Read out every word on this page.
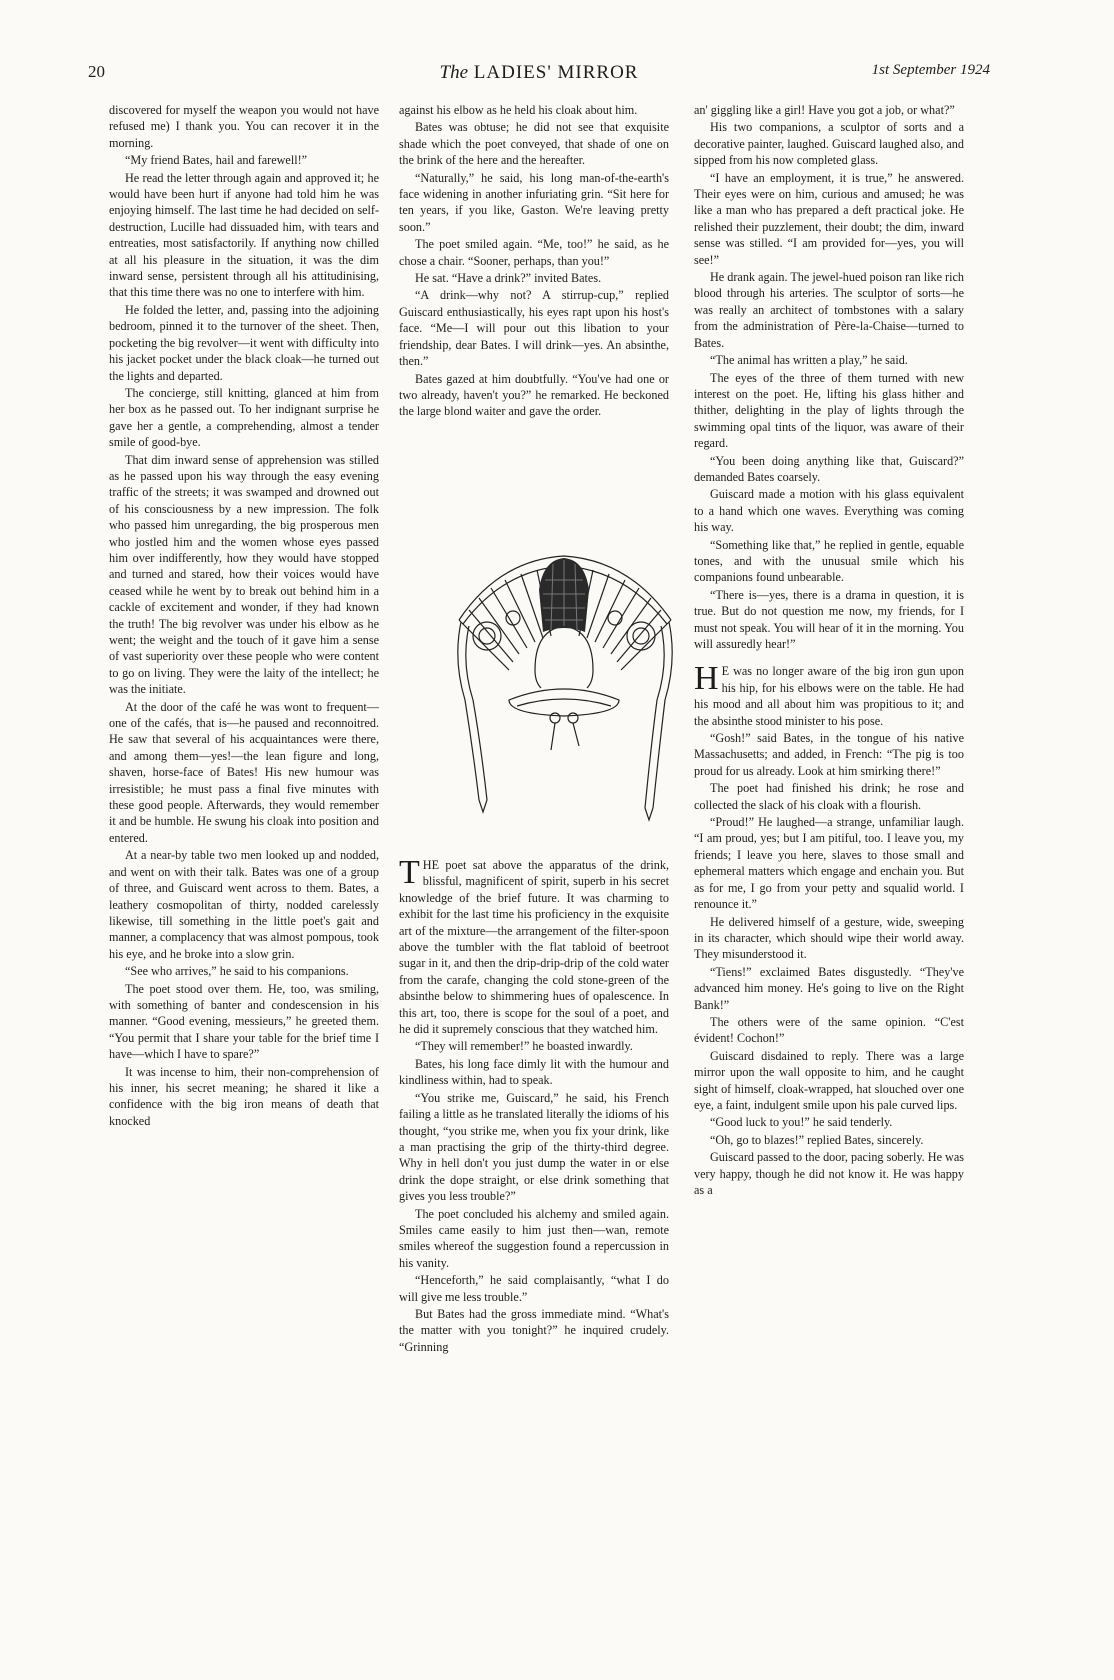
20	The LADIES' MIRROR	1st September 1924

discovered for myself the weapon you would not have refused me) I thank you. You can recover it in the morning.

“My friend Bates, hail and farewell!”

He read the letter through again and approved it; he would have been hurt if anyone had told him he was enjoying himself. The last time he had decided on self-destruction, Lucille had dissuaded him, with tears and entreaties, most satisfactorily. If anything now chilled at all his pleasure in the situation, it was the dim inward sense, persistent through all his attitudinising, that this time there was no one to interfere with him.

He folded the letter, and, passing into the adjoining bedroom, pinned it to the turnover of the sheet. Then, pocketing the big revolver—it went with difficulty into his jacket pocket under the black cloak—he turned out the lights and departed.

The concierge, still knitting, glanced at him from her box as he passed out. To her indignant surprise he gave her a gentle, a comprehending, almost a tender smile of good-bye.

That dim inward sense of apprehension was stilled as he passed upon his way through the easy evening traffic of the streets; it was swamped and drowned out of his consciousness by a new impression. The folk who passed him unregarding, the big prosperous men who jostled him and the women whose eyes passed him over indifferently, how they would have stopped and turned and stared, how their voices would have ceased while he went by to break out behind him in a cackle of excitement and wonder, if they had known the truth! The big revolver was under his elbow as he went; the weight and the touch of it gave him a sense of vast superiority over these people who were content to go on living. They were the laity of the intellect; he was the initiate.

At the door of the café he was wont to frequent—one of the cafés, that is—he paused and reconnoitred. He saw that several of his acquaintances were there, and among them—yes!—the lean figure and long, shaven, horse-face of Bates! His new humour was irresistible; he must pass a final five minutes with these good people. Afterwards, they would remember it and be humble. He swung his cloak into position and entered.

At a near-by table two men looked up and nodded, and went on with their talk. Bates was one of a group of three, and Guiscard went across to them. Bates, a leathery cosmopolitan of thirty, nodded carelessly likewise, till something in the little poet's gait and manner, a complacency that was almost pompous, took his eye, and he broke into a slow grin.

“See who arrives,” he said to his companions.

The poet stood over them. He, too, was smiling, with something of banter and condescension in his manner. “Good evening, messieurs,” he greeted them. “You permit that I share your table for the brief time I have—which I have to spare?”

It was incense to him, their non-comprehension of his inner, his secret meaning; he shared it like a confidence with the big iron means of death that knocked

against his elbow as he held his cloak about him.

Bates was obtuse; he did not see that exquisite shade which the poet conveyed, that shade of one on the brink of the here and the hereafter.

“Naturally,” he said, his long man-of-the-earth's face widening in another infuriating grin. “Sit here for ten years, if you like, Gaston. We're leaving pretty soon.”

The poet smiled again. “Me, too!” he said, as he chose a chair. “Sooner, perhaps, than you!”

He sat. “Have a drink?” invited Bates.

“A drink—why not? A stirrup-cup,” replied Guiscard enthusiastically, his eyes rapt upon his host's face. “Me—I will pour out this libation to your friendship, dear Bates. I will drink—yes. An absinthe, then.”

Bates gazed at him doubtfully. “You've had one or two already, haven't you?” he remarked. He beckoned the large blond waiter and gave the order.

THE poet sat above the apparatus of the drink, blissful, magnificent of spirit, superb in his secret knowledge of the brief future. It was charming to exhibit for the last time his proficiency in the exquisite art of the mixture—the arrangement of the filter-spoon above the tumbler with the flat tabloid of beetroot sugar in it, and then the drip-drip-drip of the cold water from the carafe, changing the cold stone-green of the absinthe below to shimmering hues of opalescence. In this art, too, there is scope for the soul of a poet, and he did it supremely conscious that they watched him.

“They will remember!” he boasted inwardly.

Bates, his long face dimly lit with the humour and kindliness within, had to speak.

“You strike me, Guiscard,” he said, his French failing a little as he translated literally the idioms of his thought, “you strike me, when you fix your drink, like a man practising the grip of the thirty-third degree. Why in hell don't you just dump the water in or else drink the dope straight, or else drink something that gives you less trouble?”

The poet concluded his alchemy and smiled again. Smiles came easily to him just then—wan, remote smiles whereof the suggestion found a repercussion in his vanity.

“Henceforth,” he said complaisantly, “what I do will give me less trouble.”

But Bates had the gross immediate mind. “What's the matter with you tonight?” he inquired crudely. “Grinning

an' giggling like a girl! Have you got a job, or what?”

His two companions, a sculptor of sorts and a decorative painter, laughed. Guiscard laughed also, and sipped from his now completed glass.

“I have an employment, it is true,” he answered. Their eyes were on him, curious and amused; he was like a man who has prepared a deft practical joke. He relished their puzzlement, their doubt; the dim, inward sense was stilled. “I am provided for—yes, you will see!”

He drank again. The jewel-hued poison ran like rich blood through his arteries. The sculptor of sorts—he was really an architect of tombstones with a salary from the administration of Père-la-Chaise—turned to Bates.

“The animal has written a play,” he said.

The eyes of the three of them turned with new interest on the poet. He, lifting his glass hither and thither, delighting in the play of lights through the swimming opal tints of the liquor, was aware of their regard.

“You been doing anything like that, Guiscard?” demanded Bates coarsely.

Guiscard made a motion with his glass equivalent to a hand which one waves. Everything was coming his way.

“Something like that,” he replied in gentle, equable tones, and with the unusual smile which his companions found unbearable.

“There is—yes, there is a drama in question, it is true. But do not question me now, my friends, for I must not speak. You will hear of it in the morning. You will assuredly hear!”

H E was no longer aware of the big iron gun upon his hip, for his elbows were on the table. He had his mood and all about him was propitious to it; and the absinthe stood minister to his pose.

“Gosh!” said Bates, in the tongue of his native Massachusetts; and added, in French: “The pig is too proud for us already. Look at him smirking there!”

The poet had finished his drink; he rose and collected the slack of his cloak with a flourish.

“Proud!” He laughed—a strange, unfamiliar laugh. “I am proud, yes; but I am pitiful, too. I leave you, my friends; I leave you here, slaves to those small and ephemeral matters which engage and enchain you. But as for me, I go from your petty and squalid world. I renounce it.”

He delivered himself of a gesture, wide, sweeping in its character, which should wipe their world away. They misunderstood it.

“Tiens!” exclaimed Bates disgustedly. “They've advanced him money. He's going to live on the Right Bank!”

The others were of the same opinion. “C'est évident! Cochon!”

Guiscard disdained to reply. There was a large mirror upon the wall opposite to him, and he caught sight of himself, cloak-wrapped, hat slouched over one eye, a faint, indulgent smile upon his pale curved lips.

“Good luck to you!” he said tenderly.

“Oh, go to blazes!” replied Bates, sincerely.

Guiscard passed to the door, pacing soberly. He was very happy, though he did not know it. He was happy as a
